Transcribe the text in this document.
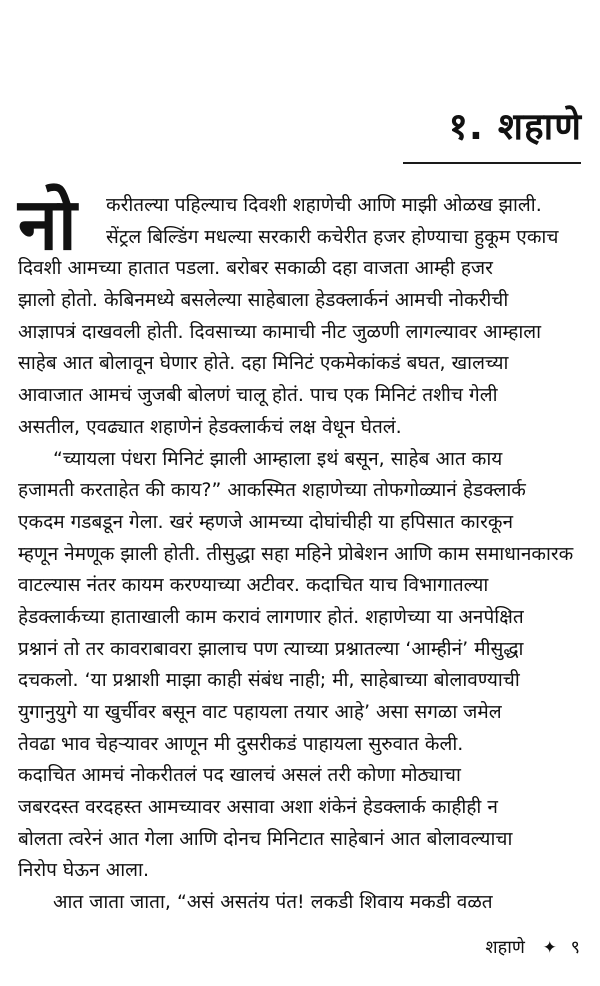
१. शहाणे
नो	करीतल्या पहिल्याच दिवशी शहाणेची आणि माझी ओळख झाली.
सेंट्रल बिल्डिंग मधल्या सरकारी कचेरीत हजर होण्याचा हुकूम एकाच
दिवशी आमच्या हातात पडला. बरोबर सकाळी दहा वाजता आम्ही हजर
झालो होतो. केबिनमध्ये बसलेल्या साहेबाला हेडक्लार्कनं आमची नोकरीची
आज्ञापत्रं दाखवली होती. दिवसाच्या कामाची नीट जुळणी लागल्यावर आम्हाला
साहेब आत बोलावून घेणार होते. दहा मिनिटं एकमेकांकडं बघत, खालच्या
आवाजात आमचं जुजबी बोलणं चालू होतं. पाच एक मिनिटं तशीच गेली
असतील, एवढ्यात शहाणेनं हेडक्लार्कचं लक्ष वेधून घेतलं.
“च्यायला पंधरा मिनिटं झाली आम्हाला इथं बसून, साहेब आत काय
हजामती करताहेत की काय?” आकस्मित शहाणेच्या तोफगोळ्यानं हेडक्लार्क
एकदम गडबडून गेला. खरं म्हणजे आमच्या दोघांचीही या हपिसात कारकून
म्हणून नेमणूक झाली होती. तीसुद्धा सहा महिने प्रोबेशन आणि काम समाधानकारक
वाटल्यास नंतर कायम करण्याच्या अटीवर. कदाचित याच विभागातल्या
हेडक्लार्कच्या हाताखाली काम करावं लागणार होतं. शहाणेच्या या अनपेक्षित
प्रश्नानं तो तर कावराबावरा झालाच पण त्याच्या प्रश्नातल्या ‘आम्हीनं’ मीसुद्धा
दचकलो. ‘या प्रश्नाशी माझा काही संबंध नाही; मी, साहेबाच्या बोलावण्याची
युगानुयुगे या खुर्चीवर बसून वाट पहायला तयार आहे’ असा सगळा जमेल
तेवढा भाव चेहऱ्यावर आणून मी दुसरीकडं पाहायला सुरुवात केली.
कदाचित आमचं नोकरीतलं पद खालचं असलं तरी कोणा मोठ्याचा
जबरदस्त वरदहस्त आमच्यावर असावा अशा शंकेनं हेडक्लार्क काहीही न
बोलता त्वरेनं आत गेला आणि दोनच मिनिटात साहेबानं आत बोलावल्याचा
निरोप घेऊन आला.
आत जाता जाता, “असं असतंय पंत! लकडी शिवाय मकडी वळत
शहाणे ✦ ९
